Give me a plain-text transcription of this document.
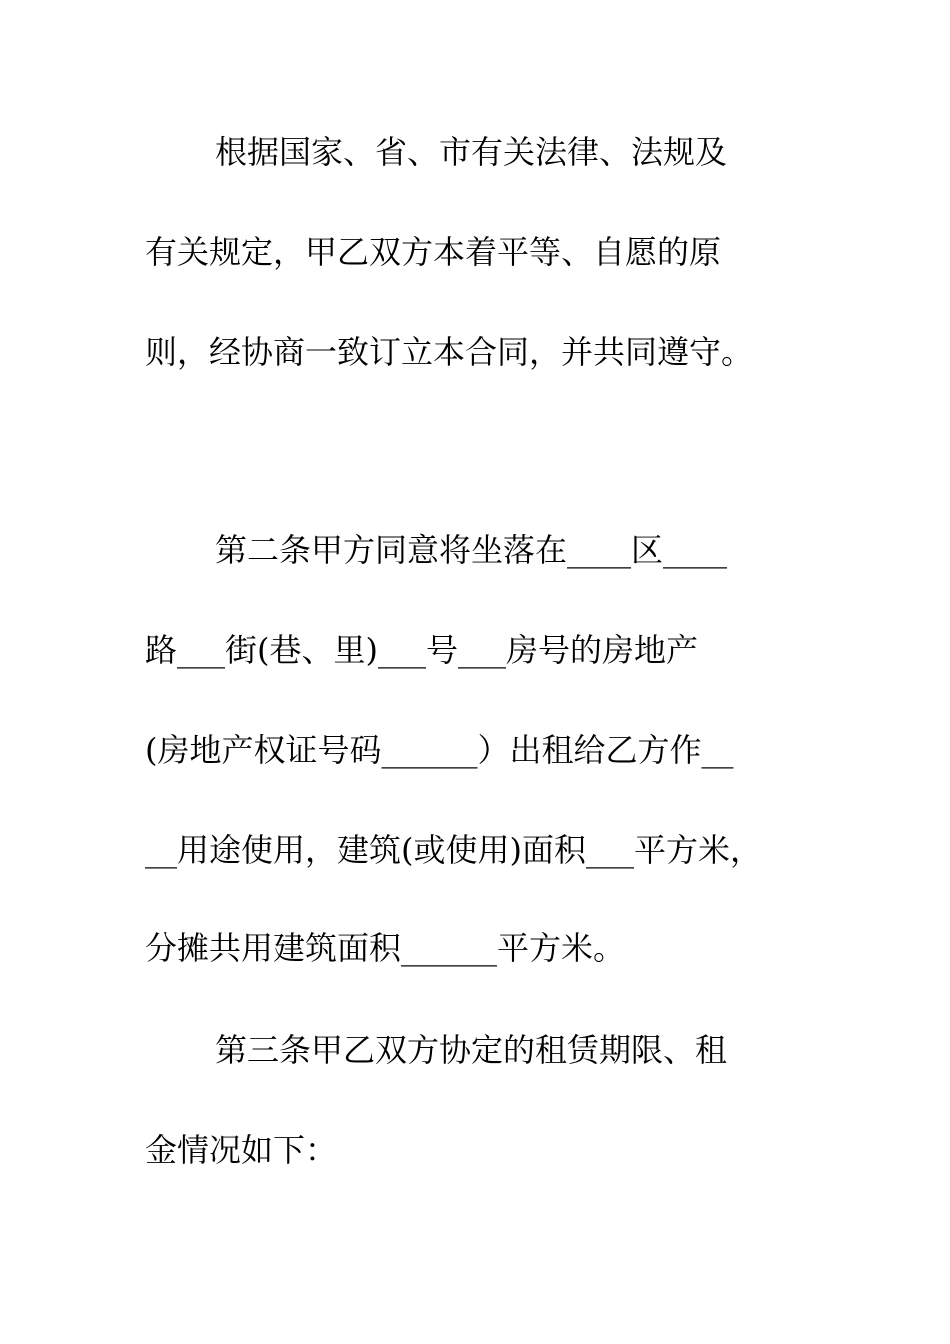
根据国家、省、市有关法律、法规及

有关规定，甲乙双方本着平等、自愿的原

则，经协商一致订立本合同，并共同遵守。

第二条甲方同意将坐落在____区____

路___街(巷、里)___号___房号的房地产

(房地产权证号码______）出租给乙方作__

__用途使用，建筑(或使用)面积___平方米，

分摊共用建筑面积______平方米。

第三条甲乙双方协定的租赁期限、租

金情况如下：
